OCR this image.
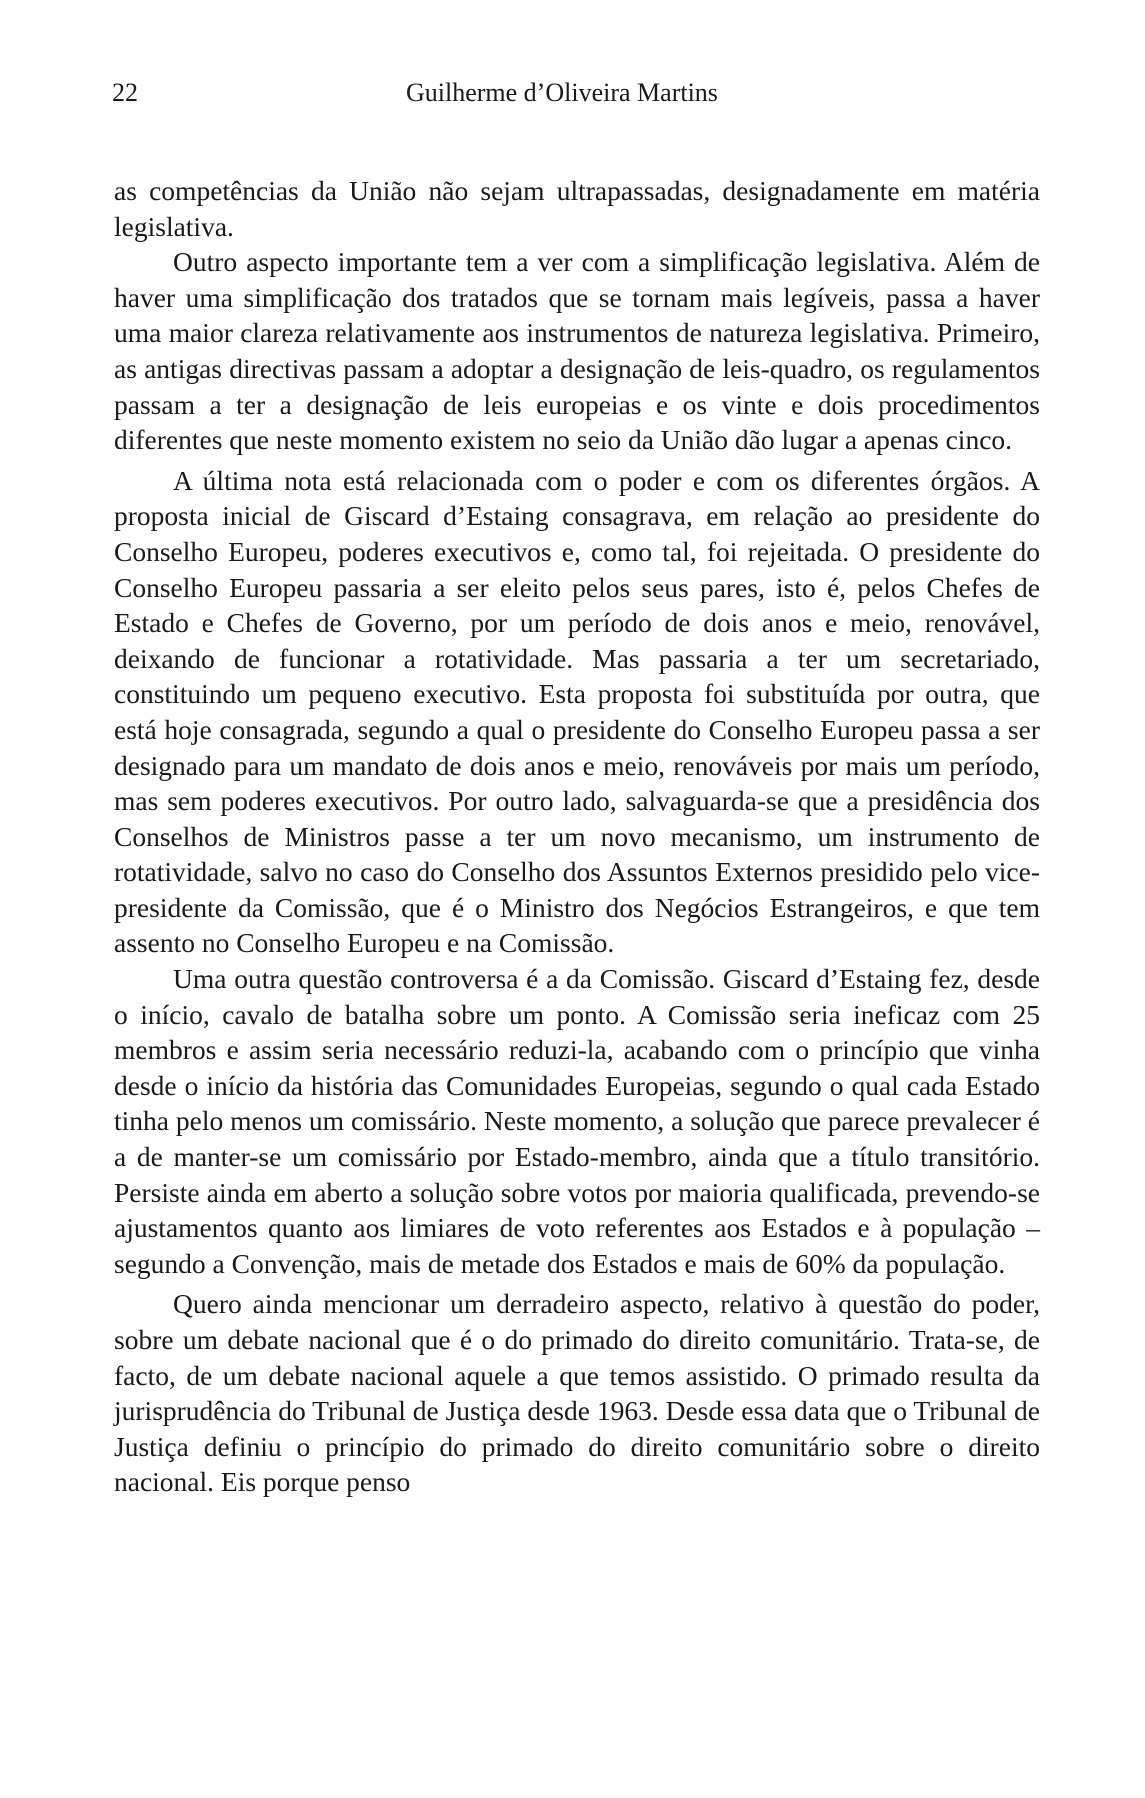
22	Guilherme d’Oliveira Martins

as competências da União não sejam ultrapassadas, designadamente em matéria legislativa.

Outro aspecto importante tem a ver com a simplificação legislativa. Além de haver uma simplificação dos tratados que se tornam mais legíveis, passa a haver uma maior clareza relativamente aos instrumentos de natureza legislativa. Primeiro, as antigas directivas passam a adoptar a designação de leis-quadro, os regulamentos passam a ter a designação de leis europeias e os vinte e dois procedimentos diferentes que neste momento existem no seio da União dão lugar a apenas cinco.

A última nota está relacionada com o poder e com os diferentes órgãos. A proposta inicial de Giscard d’Estaing consagrava, em relação ao presidente do Conselho Europeu, poderes executivos e, como tal, foi rejeitada. O presidente do Conselho Europeu passaria a ser eleito pelos seus pares, isto é, pelos Chefes de Estado e Chefes de Governo, por um período de dois anos e meio, renovável, deixando de funcionar a rotatividade. Mas passaria a ter um secretariado, constituindo um pequeno executivo. Esta proposta foi substituída por outra, que está hoje consagrada, segundo a qual o presidente do Conselho Europeu passa a ser designado para um mandato de dois anos e meio, renováveis por mais um período, mas sem poderes executivos. Por outro lado, salvaguarda-se que a presidência dos Conselhos de Ministros passe a ter um novo mecanismo, um instrumento de rotatividade, salvo no caso do Conselho dos Assuntos Externos presidido pelo vice-presidente da Comissão, que é o Ministro dos Negócios Estrangeiros, e que tem assento no Conselho Europeu e na Comissão.

Uma outra questão controversa é a da Comissão. Giscard d’Estaing fez, desde o início, cavalo de batalha sobre um ponto. A Comissão seria ineficaz com 25 membros e assim seria necessário reduzi-la, acabando com o princípio que vinha desde o início da história das Comunidades Europeias, segundo o qual cada Estado tinha pelo menos um comissário. Neste momento, a solução que parece prevalecer é a de manter-se um comissário por Estado-membro, ainda que a título transitório. Persiste ainda em aberto a solução sobre votos por maioria qualificada, prevendo-se ajustamentos quanto aos limiares de voto referentes aos Estados e à população – segundo a Convenção, mais de metade dos Estados e mais de 60% da população.

Quero ainda mencionar um derradeiro aspecto, relativo à questão do poder, sobre um debate nacional que é o do primado do direito comunitário. Trata-se, de facto, de um debate nacional aquele a que temos assistido. O primado resulta da jurisprudência do Tribunal de Justiça desde 1963. Desde essa data que o Tribunal de Justiça definiu o princípio do primado do direito comunitário sobre o direito nacional. Eis porque penso
